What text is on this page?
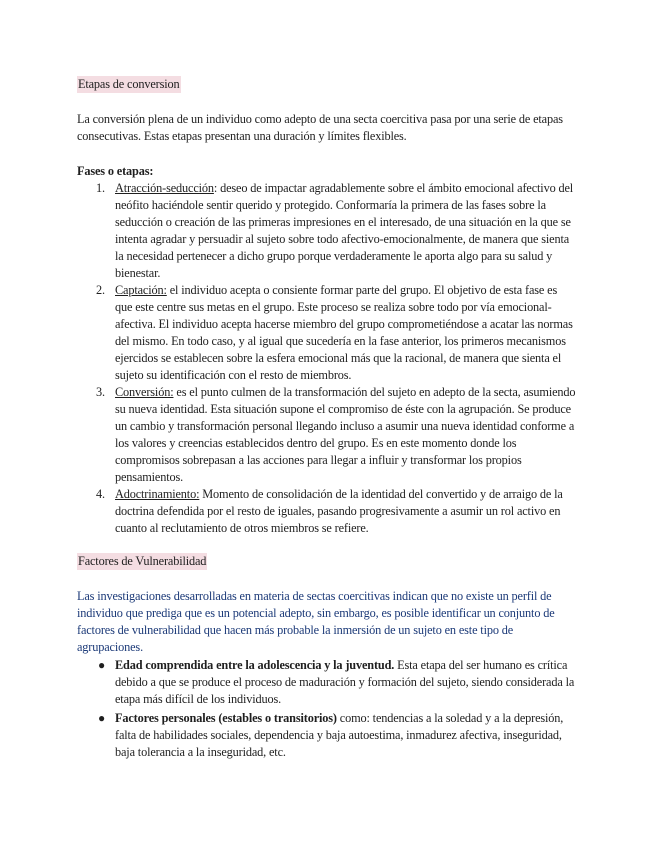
Etapas de conversion
La conversión plena de un individuo como adepto de una secta coercitiva pasa por una serie de etapas consecutivas. Estas etapas presentan una duración y límites flexibles.
Fases o etapas:
1. Atracción-seducción: deseo de impactar agradablemente sobre el ámbito emocional afectivo del neófito haciéndole sentir querido y protegido. Conformaría la primera de las fases sobre la seducción o creación de las primeras impresiones en el interesado, de una situación en la que se intenta agradar y persuadir al sujeto sobre todo afectivo-emocionalmente, de manera que sienta la necesidad pertenecer a dicho grupo porque verdaderamente le aporta algo para su salud y bienestar.
2. Captación: el individuo acepta o consiente formar parte del grupo. El objetivo de esta fase es que este centre sus metas en el grupo. Este proceso se realiza sobre todo por vía emocional-afectiva. El individuo acepta hacerse miembro del grupo comprometiéndose a acatar las normas del mismo. En todo caso, y al igual que sucedería en la fase anterior, los primeros mecanismos ejercidos se establecen sobre la esfera emocional más que la racional, de manera que sienta el sujeto su identificación con el resto de miembros.
3. Conversión: es el punto culmen de la transformación del sujeto en adepto de la secta, asumiendo su nueva identidad. Esta situación supone el compromiso de éste con la agrupación. Se produce un cambio y transformación personal llegando incluso a asumir una nueva identidad conforme a los valores y creencias establecidos dentro del grupo. Es en este momento donde los compromisos sobrepasan a las acciones para llegar a influir y transformar los propios pensamientos.
4. Adoctrinamiento: Momento de consolidación de la identidad del convertido y de arraigo de la doctrina defendida por el resto de iguales, pasando progresivamente a asumir un rol activo en cuanto al reclutamiento de otros miembros se refiere.
Factores de Vulnerabilidad
Las investigaciones desarrolladas en materia de sectas coercitivas indican que no existe un perfil de individuo que prediga que es un potencial adepto, sin embargo, es posible identificar un conjunto de factores de vulnerabilidad que hacen más probable la inmersión de un sujeto en este tipo de agrupaciones.
● Edad comprendida entre la adolescencia y la juventud. Esta etapa del ser humano es crítica debido a que se produce el proceso de maduración y formación del sujeto, siendo considerada la etapa más difícil de los individuos.
● Factores personales (estables o transitorios) como: tendencias a la soledad y a la depresión, falta de habilidades sociales, dependencia y baja autoestima, inmadurez afectiva, inseguridad, baja tolerancia a la inseguridad, etc.
